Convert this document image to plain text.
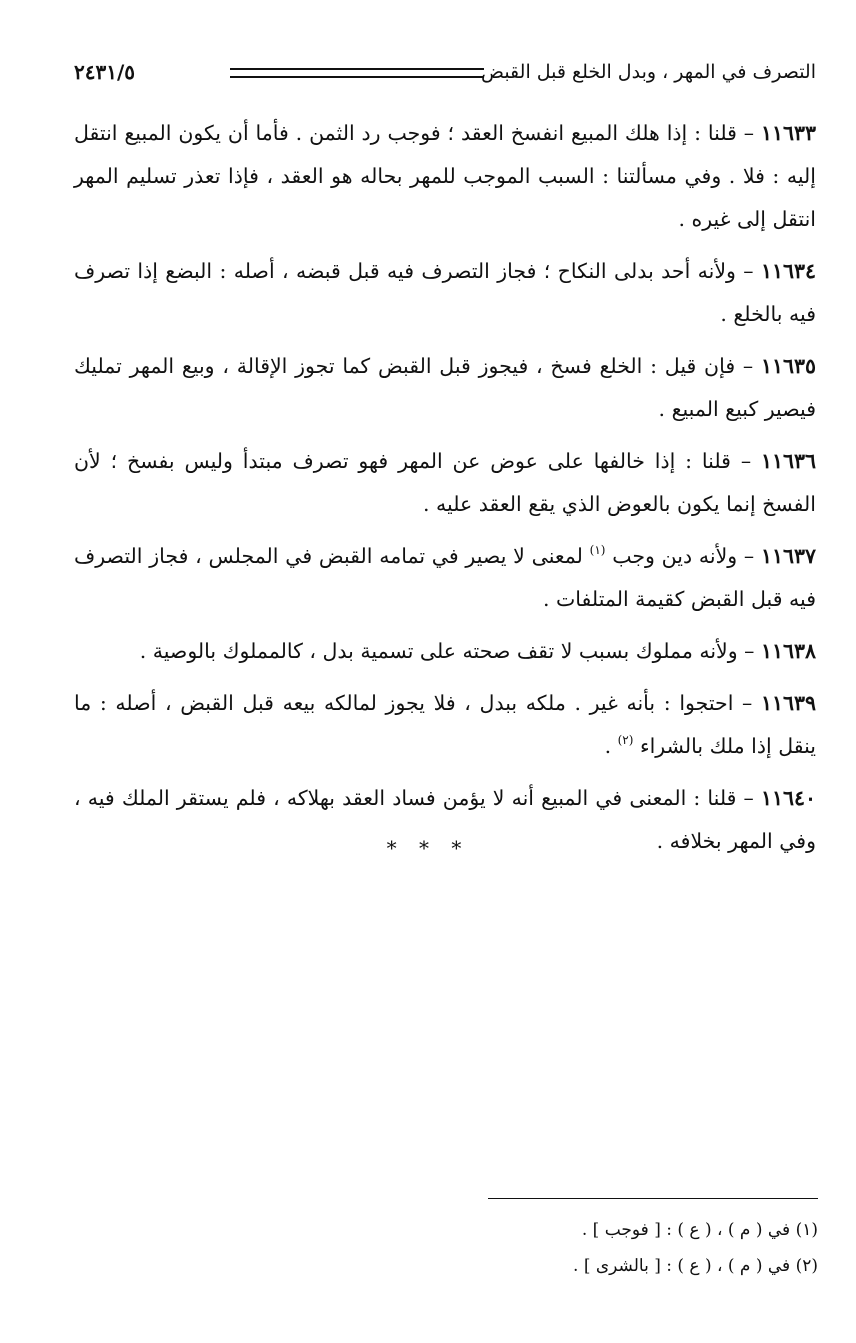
التصرف في المهر ، وبدل الخلع قبل القبض
٢٤٣١/٥

١١٦٣٣ – قلنا : إذا هلك المبيع انفسخ العقد ؛ فوجب رد الثمن . فأما أن يكون المبيع انتقل إليه : فلا . وفي مسألتنا : السبب الموجب للمهر بحاله هو العقد ، فإذا تعذر تسليم المهر انتقل إلى غيره .

١١٦٣٤ – ولأنه أحد بدلى النكاح ؛ فجاز التصرف فيه قبل قبضه ، أصله : البضع إذا تصرف فيه بالخلع .

١١٦٣٥ – فإن قيل : الخلع فسخ ، فيجوز قبل القبض كما تجوز الإقالة ، وبيع المهر تمليك فيصير كبيع المبيع .

١١٦٣٦ – قلنا : إذا خالفها على عوض عن المهر فهو تصرف مبتدأ وليس بفسخ ؛ لأن الفسخ إنما يكون بالعوض الذي يقع العقد عليه .

١١٦٣٧ – ولأنه دين وجب $^{(١)}$ لمعنى لا يصير في تمامه القبض في المجلس ، فجاز التصرف فيه قبل القبض كقيمة المتلفات .

١١٦٣٨ – ولأنه مملوك بسبب لا تقف صحته على تسمية بدل ، كالمملوك بالوصية .

١١٦٣٩ – احتجوا : بأنه غير . ملكه ببدل ، فلا يجوز لمالكه بيعه قبل القبض ، أصله : ما ينقل إذا ملك بالشراء $^{(٢)}$ .

١١٦٤٠ – قلنا : المعنى في المبيع أنه لا يؤمن فساد العقد بهلاكه ، فلم يستقر الملك فيه ، وفي المهر بخلافه .

* * *

(١) في ( م ) ، ( ع ) : [ فوجب ] .

(٢) في ( م ) ، ( ع ) : [ بالشرى ] .
